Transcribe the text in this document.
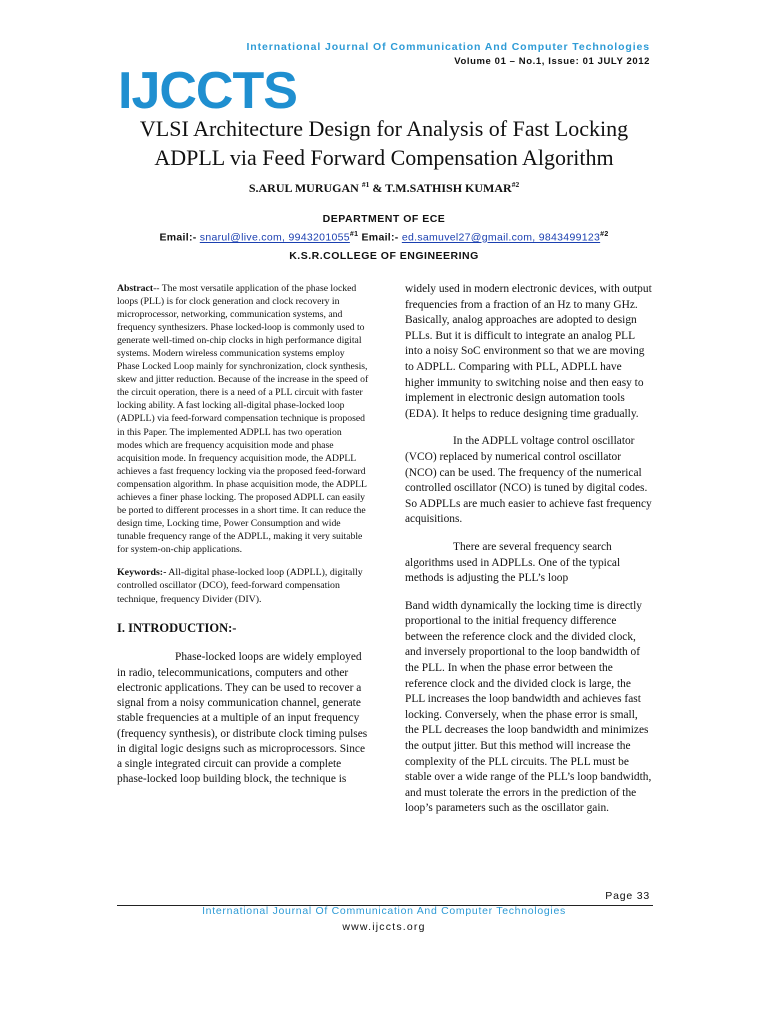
International Journal Of Communication And Computer Technologies
Volume 01 – No.1, Issue: 01 JULY 2012
IJCCTS
VLSI Architecture Design for Analysis of Fast Locking
ADPLL via Feed Forward Compensation Algorithm
S.ARUL MURUGAN $^{\#1}$ & T.M.SATHISH KUMAR$^{\#2}$
DEPARTMENT OF ECE
Email:- snarul@live.com, 9943201055$^{\#1}$ Email:- ed.samuvel27@gmail.com, 9843499123$^{\#2}$
K.S.R.COLLEGE OF ENGINEERING

Abstract-- The most versatile application of the phase locked loops (PLL) is for clock generation and clock recovery in microprocessor, networking, communication systems, and frequency synthesizers. Phase locked-loop is commonly used to generate well-timed on-chip clocks in high performance digital systems. Modern wireless communication systems employ Phase Locked Loop mainly for synchronization, clock synthesis, skew and jitter reduction. Because of the increase in the speed of the circuit operation, there is a need of a PLL circuit with faster locking ability. A fast locking all-digital phase-locked loop (ADPLL) via feed-forward compensation technique is proposed in this Paper. The implemented ADPLL has two operation modes which are frequency acquisition mode and phase acquisition mode. In frequency acquisition mode, the ADPLL achieves a fast frequency locking via the proposed feed-forward compensation algorithm. In phase acquisition mode, the ADPLL achieves a finer phase locking. The proposed ADPLL can easily be ported to different processes in a short time. It can reduce the design time, Locking time, Power Consumption and wide tunable frequency range of the ADPLL, making it very suitable for system-on-chip applications.

Keywords:- All-digital phase-locked loop (ADPLL), digitally controlled oscillator (DCO), feed-forward compensation technique, frequency Divider (DIV).

I. INTRODUCTION:-

Phase-locked loops are widely employed in radio, telecommunications, computers and other electronic applications. They can be used to recover a signal from a noisy communication channel, generate stable frequencies at a multiple of an input frequency (frequency synthesis), or distribute clock timing pulses in digital logic designs such as microprocessors. Since a single integrated circuit can provide a complete phase-locked loop building block, the technique is

widely used in modern electronic devices, with output frequencies from a fraction of an Hz to many GHz. Basically, analog approaches are adopted to design PLLs. But it is difficult to integrate an analog PLL into a noisy SoC environment so that we are moving to ADPLL. Comparing with PLL, ADPLL have higher immunity to switching noise and then easy to implement in electronic design automation tools (EDA). It helps to reduce designing time gradually.

In the ADPLL voltage control oscillator (VCO) replaced by numerical control oscillator (NCO) can be used. The frequency of the numerical controlled oscillator (NCO) is tuned by digital codes. So ADPLLs are much easier to achieve fast frequency acquisitions.

There are several frequency search algorithms used in ADPLLs. One of the typical methods is adjusting the PLL’s loop

Band width dynamically the locking time is directly proportional to the initial frequency difference between the reference clock and the divided clock, and inversely proportional to the loop bandwidth of the PLL. In when the phase error between the reference clock and the divided clock is large, the PLL increases the loop bandwidth and achieves fast locking. Conversely, when the phase error is small, the PLL decreases the loop bandwidth and minimizes the output jitter. But this method will increase the complexity of the PLL circuits. The PLL must be stable over a wide range of the PLL’s loop bandwidth, and must tolerate the errors in the prediction of the loop’s parameters such as the oscillator gain.

Page 33
International Journal Of Communication And Computer Technologies
www.ijccts.org
